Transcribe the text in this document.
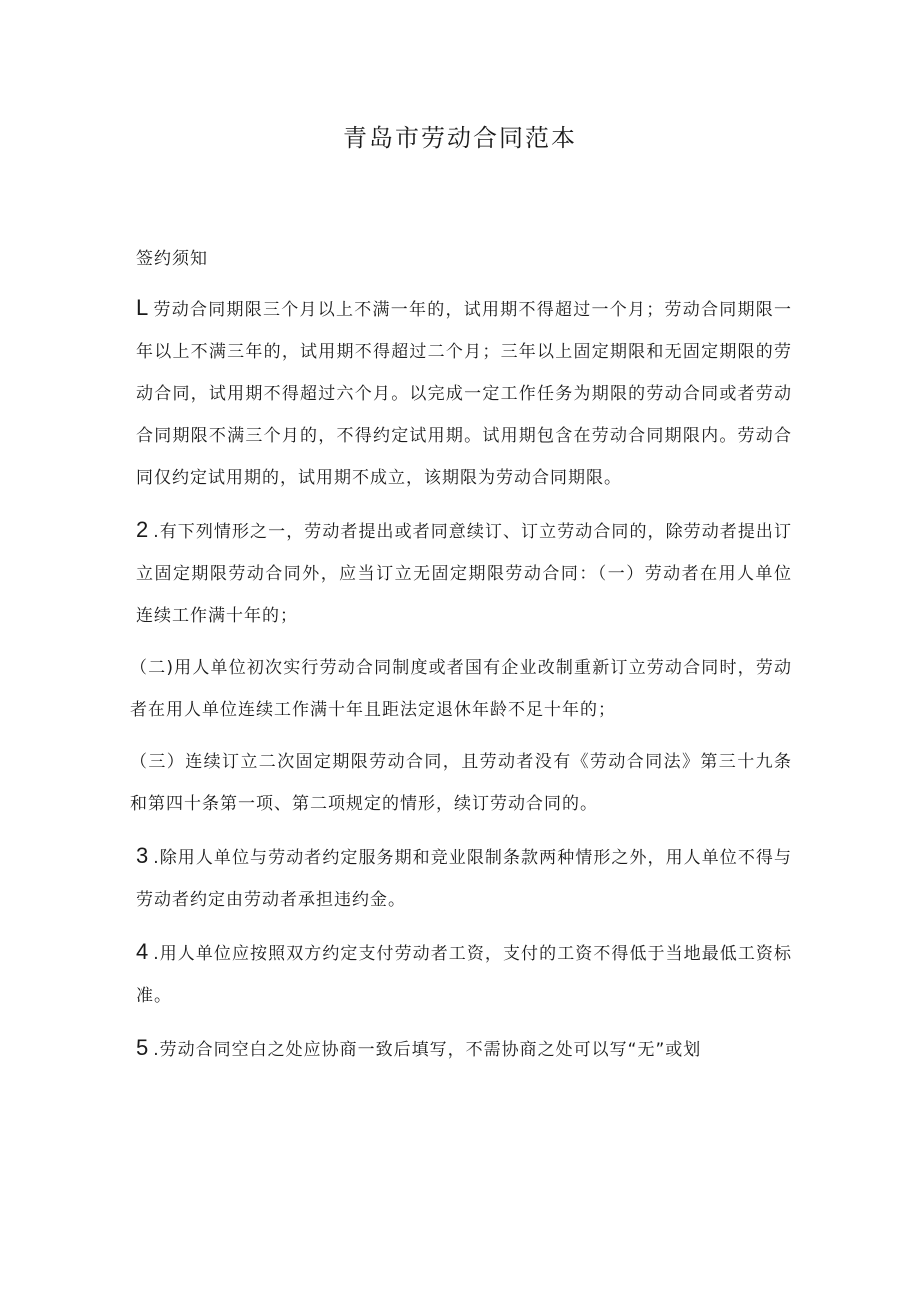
青岛市劳动合同范本

签约须知

L 劳动合同期限三个月以上不满一年的，试用期不得超过一个月；劳动合同期限一年以上不满三年的，试用期不得超过二个月；三年以上固定期限和无固定期限的劳动合同，试用期不得超过六个月。以完成一定工作任务为期限的劳动合同或者劳动合同期限不满三个月的，不得约定试用期。试用期包含在劳动合同期限内。劳动合同仅约定试用期的，试用期不成立，该期限为劳动合同期限。

2 .有下列情形之一，劳动者提出或者同意续订、订立劳动合同的，除劳动者提出订立固定期限劳动合同外，应当订立无固定期限劳动合同：（一）劳动者在用人单位连续工作满十年的；

（二)用人单位初次实行劳动合同制度或者国有企业改制重新订立劳动合同时，劳动者在用人单位连续工作满十年且距法定退休年龄不足十年的；

（三）连续订立二次固定期限劳动合同，且劳动者没有《劳动合同法》第三十九条和第四十条第一项、第二项规定的情形，续订劳动合同的。

3 .除用人单位与劳动者约定服务期和竞业限制条款两种情形之外，用人单位不得与劳动者约定由劳动者承担违约金。

4 .用人单位应按照双方约定支付劳动者工资，支付的工资不得低于当地最低工资标准。

5 .劳动合同空白之处应协商一致后填写，不需协商之处可以写“无”或划
